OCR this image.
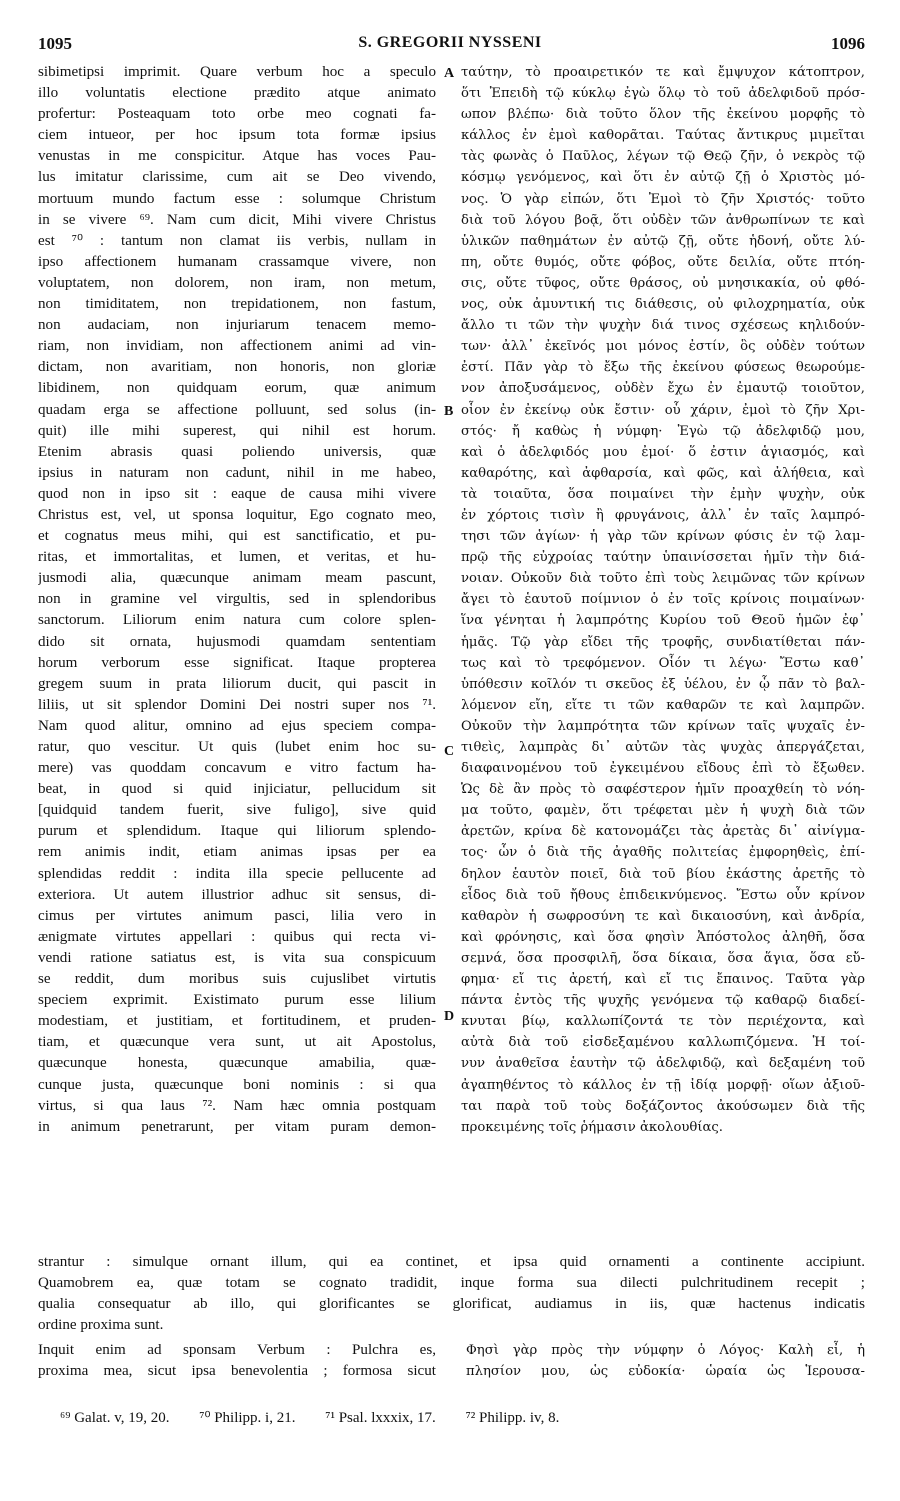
1095	S. GREGORII NYSSENI	1096
sibimetipsi imprimit. Quare verbum hoc a speculo
illo voluntatis electione prædito atque animato
profertur: Posteaquam toto orbe meo cognati fa-
ciem intueor, per hoc ipsum tota formæ ipsius
venustas in me conspicitur. Atque has voces Pau-
lus imitatur clarissime, cum ait se Deo vivendo,
mortuum mundo factum esse : solumque Christum
in se vivere ⁶⁹. Nam cum dicit, Mihi vivere Christus
est ⁷⁰ : tantum non clamat iis verbis, nullam in
ipso affectionem humanam crassamque vivere, non
voluptatem, non dolorem, non iram, non metum,
non timiditatem, non trepidationem, non fastum,
non audaciam, non injuriarum tenacem memo-
riam, non invidiam, non affectionem animi ad vin-
dictam, non avaritiam, non honoris, non gloriæ
libidinem, non quidquam eorum, quæ animum
quadam erga se affectione polluunt, sed solus (in-
quit) ille mihi superest, qui nihil est horum.
Etenim abrasis quasi poliendo universis, quæ
ipsius in naturam non cadunt, nihil in me habeo,
quod non in ipso sit : eaque de causa mihi vivere
Christus est, vel, ut sponsa loquitur, Ego cognato meo,
et cognatus meus mihi, qui est sanctificatio, et pu-
ritas, et immortalitas, et lumen, et veritas, et hu-
jusmodi alia, quæcunque animam meam pascunt,
non in gramine vel virgultis, sed in splendoribus
sanctorum. Liliorum enim natura cum colore splen-
dido sit ornata, hujusmodi quamdam sententiam
horum verborum esse significat. Itaque propterea
gregem suum in prata liliorum ducit, qui pascit in
liliis, ut sit splendor Domini Dei nostri super nos ⁷¹.
Nam quod alitur, omnino ad ejus speciem compa-
ratur, quo vescitur. Ut quis (lubet enim hoc su-
mere) vas quoddam concavum e vitro factum ha-
beat, in quod si quid injiciatur, pellucidum sit
[quidquid tandem fuerit, sive fuligo], sive quid
purum et splendidum. Itaque qui liliorum splendo-
rem animis indit, etiam animas ipsas per ea
splendidas reddit : indita illa specie pellucente ad
exteriora. Ut autem illustrior adhuc sit sensus, di-
cimus per virtutes animum pasci, lilia vero in
ænigmate virtutes appellari : quibus qui recta vi-
vendi ratione satiatus est, is vita sua conspicuum
se reddit, dum moribus suis cujuslibet virtutis
speciem exprimit. Existimato purum esse lilium
modestiam, et justitiam, et fortitudinem, et pruden-
tiam, et quæcunque vera sunt, ut ait Apostolus,
quæcunque honesta, quæcunque amabilia, quæ-
cunque justa, quæcunque boni nominis : si qua
virtus, si qua laus ⁷². Nam hæc omnia postquam
in animum penetrarunt, per vitam puram demon-
ταύτην, τὸ προαιρετικόν τε καὶ ἔμψυχον κάτοπτρον,
ὅτι Ἐπειδὴ τῷ κύκλῳ ἐγὼ ὅλῳ τὸ τοῦ ἀδελφιδοῦ πρόσ-
ωπον βλέπω· διὰ τοῦτο ὅλον τῆς ἐκείνου μορφῆς τὸ
κάλλος ἐν ἐμοὶ καθορᾶται. Ταύτας ἄντικρυς μιμεῖται
τὰς φωνὰς ὁ Παῦλος, λέγων τῷ Θεῷ ζῆν, ὁ νεκρὸς τῷ
κόσμῳ γενόμενος, καὶ ὅτι ἐν αὐτῷ ζῇ ὁ Χριστὸς μό-
νος. Ὁ γὰρ εἰπών, ὅτι Ἐμοὶ τὸ ζῆν Χριστός· τοῦτο
διὰ τοῦ λόγου βοᾷ, ὅτι οὐδὲν τῶν ἀνθρωπίνων τε καὶ
ὑλικῶν παθημάτων ἐν αὐτῷ ζῇ, οὔτε ἡδονή, οὔτε λύ-
πη, οὔτε θυμός, οὔτε φόβος, οὔτε δειλία, οὔτε πτόη-
σις, οὔτε τῦφος, οὔτε θράσος, οὐ μνησικακία, οὐ φθό-
νος, οὐκ ἀμυντική τις διάθεσις, οὐ φιλοχρηματία, οὐκ
ἄλλο τι τῶν τὴν ψυχὴν διά τινος σχέσεως κηλιδούν-
των· ἀλλ᾽ ἐκεῖνός μοι μόνος ἐστίν, ὃς οὐδὲν τούτων
ἐστί. Πᾶν γὰρ τὸ ἔξω τῆς ἐκείνου φύσεως θεωρούμε-
νον ἀποξυσάμενος, οὐδὲν ἔχω ἐν ἐμαυτῷ τοιοῦτον,
οἷον ἐν ἐκείνῳ οὐκ ἔστιν· οὗ χάριν, ἐμοὶ τὸ ζῆν Χρι-
στός· ἤ καθὼς ἡ νύμφη· Ἐγὼ τῷ ἀδελφιδῷ μου,
καὶ ὁ ἀδελφιδός μου ἐμοί· ὅ ἐστιν ἁγιασμός, καὶ
καθαρότης, καὶ ἀφθαρσία, καὶ φῶς, καὶ ἀλήθεια, καὶ
τὰ τοιαῦτα, ὅσα ποιμαίνει τὴν ἐμὴν ψυχὴν, οὐκ
ἐν χόρτοις τισὶν ἢ φρυγάνοις, ἀλλ᾽ ἐν ταῖς λαμπρό-
τησι τῶν ἁγίων· ἡ γὰρ τῶν κρίνων φύσις ἐν τῷ λαμ-
πρῷ τῆς εὐχροίας ταύτην ὑπαινίσσεται ἡμῖν τὴν διά-
νοιαν. Οὐκοῦν διὰ τοῦτο ἐπὶ τοὺς λειμῶνας τῶν κρίνων
ἄγει τὸ ἑαυτοῦ ποίμνιον ὁ ἐν τοῖς κρίνοις ποιμαίνων·
ἵνα γένηται ἡ λαμπρότης Κυρίου τοῦ Θεοῦ ἡμῶν ἐφ᾽
ἡμᾶς. Τῷ γὰρ εἴδει τῆς τροφῆς, συνδιατίθεται πάν-
τως καὶ τὸ τρεφόμενον. Οἷόν τι λέγω· Ἔστω καθ᾽
ὑπόθεσιν κοῖλόν τι σκεῦος ἐξ ὑέλου, ἐν ᾧ πᾶν τὸ βαλ-
λόμενον εἴη, εἴτε τι τῶν καθαρῶν τε καὶ λαμπρῶν.
Οὐκοῦν τὴν λαμπρότητα τῶν κρίνων ταῖς ψυχαῖς ἐν-
τιθεὶς, λαμπρὰς δι᾽ αὐτῶν τὰς ψυχὰς ἀπεργάζεται,
διαφαινομένου τοῦ ἐγκειμένου εἴδους ἐπὶ τὸ ἔξωθεν.
Ὡς δὲ ἂν πρὸς τὸ σαφέστερον ἡμῖν προαχθείη τὸ νόη-
μα τοῦτο, φαμὲν, ὅτι τρέφεται μὲν ἡ ψυχὴ διὰ τῶν
ἀρετῶν, κρίνα δὲ κατονομάζει τὰς ἀρετὰς δι᾽ αἰνίγμα-
τος· ὧν ὁ διὰ τῆς ἀγαθῆς πολιτείας ἐμφορηθεὶς, ἐπί-
δηλον ἑαυτὸν ποιεῖ, διὰ τοῦ βίου ἑκάστης ἀρετῆς τὸ
εἶδος διὰ τοῦ ἤθους ἐπιδεικνύμενος. Ἔστω οὖν κρίνον
καθαρὸν ἡ σωφροσύνη τε καὶ δικαιοσύνη, καὶ ἀνδρία,
καὶ φρόνησις, καὶ ὅσα φησὶν Ἀπόστολος ἀληθῆ, ὅσα
σεμνά, ὅσα προσφιλῆ, ὅσα δίκαια, ὅσα ἅγια, ὅσα εὔ-
φημα· εἴ τις ἀρετή, καὶ εἴ τις ἔπαινος. Ταῦτα γὰρ
πάντα ἐντὸς τῆς ψυχῆς γενόμενα τῷ καθαρῷ διαδεί-
κνυται βίῳ, καλλωπίζοντά τε τὸν περιέχοντα, καὶ
αὐτὰ διὰ τοῦ εἰσδεξαμένου καλλωπιζόμενα. Ἡ τοί-
νυν ἀναθεῖσα ἑαυτὴν τῷ ἀδελφιδῷ, καὶ δεξαμένη τοῦ
ἀγαπηθέντος τὸ κάλλος ἐν τῇ ἰδίᾳ μορφῇ· οἵων ἀξιοῦ-
ται παρὰ τοῦ τοὺς δοξάζοντος ἀκούσωμεν διὰ τῆς
προκειμένης τοῖς ῥήμασιν ἀκολουθίας.
A
B
C
D
strantur : simulque ornant illum, qui ea continet, et ipsa quid ornamenti a continente accipiunt.
Quamobrem ea, quæ totam se cognato tradidit, inque forma sua dilecti pulchritudinem recepit ;
qualia consequatur ab illo, qui glorificantes se glorificat, audiamus in iis, quæ hactenus indicatis
ordine proxima sunt.
Inquit enim ad sponsam Verbum : Pulchra es,
proxima mea, sicut ipsa benevolentia ; formosa sicut
Φησὶ γὰρ πρὸς τὴν νύμφην ὁ Λόγος· Καλὴ εἶ, ἡ
πλησίον μου, ὡς εὐδοκία· ὡραία ὡς Ἱερουσα-
⁶⁹ Galat. v, 19, 20. ⁷⁰ Philipp. i, 21. ⁷¹ Psal. lxxxix, 17. ⁷² Philipp. iv, 8.
